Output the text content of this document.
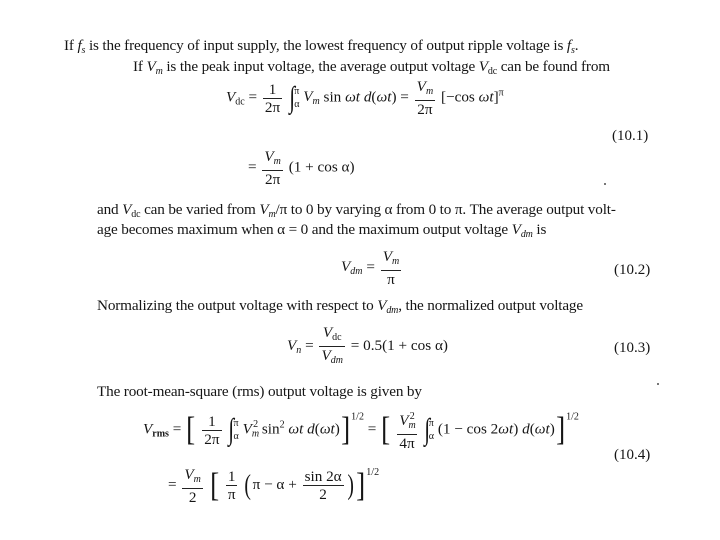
If $f_s$ is the frequency of input supply, the lowest frequency of output ripple voltage is $f_s$.
If $V_m$ is the peak input voltage, the average output voltage $V_{dc}$ can be found from
$V_{dc} = \frac{1}{2\pi}$ ∫ π
α $V_m$ sin ωt $d(\omega t) = \frac{V_m}{2\pi} [-\cos$ ωt]$^\pi$
(10.1)
= $\frac{V_m}{2\pi} (1 + \cos \alpha)$
and $V_{dc}$ can be varied from $V_m/\pi$ to 0 by varying α from 0 to π. The average output volt-
age becomes maximum when α = 0 and the maximum output voltage $V_{dm}$ is
$V_{dm} = \frac{V_m}{\pi}$	(10.2)
Normalizing the output voltage with respect to $V_{dm}$, the normalized output voltage
$V_n = \frac{V_{dc}}{V_{dm}} = 0.5(1 + \cos \alpha)$	(10.3)
The root-mean-square (rms) output voltage is given by
$V_{rms}$ = [ $\frac{1}{2\pi}$ ∫ π
α $V_m^2$ $\sin^2 \omega t$ d(ωt)]$^{1/2}$ = [ $\frac{V_m^2}{4\pi}$ ∫ π
α (1 − cos 2ωt) d(ωt)]$^{1/2}$
(10.4)
= $\frac{V_m}{2}$ [ $\frac{1}{\pi} (\pi - \alpha + \frac{\sin 2\alpha}{2} )]^{1/2}$
